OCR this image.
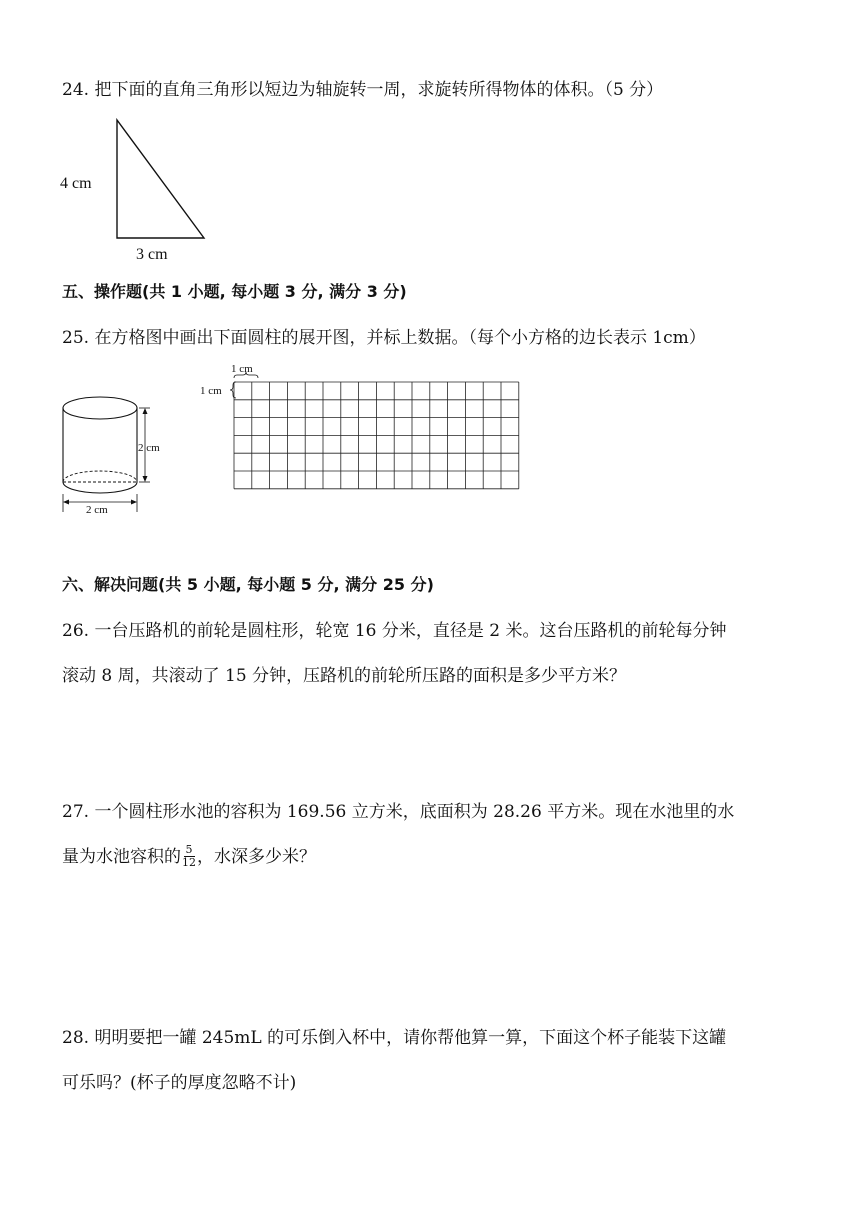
24. 把下面的直角三角形以短边为轴旋转一周，求旋转所得物体的体积。（5 分）
4 cm
3 cm
五、操作题(共 1 小题, 每小题 3 分, 满分 3 分)
25. 在方格图中画出下面圆柱的展开图，并标上数据。（每个小方格的边长表示 1cm）
2 cm
2 cm
1 cm
1 cm
六、解决问题(共 5 小题, 每小题 5 分, 满分 25 分)
26. 一台压路机的前轮是圆柱形，轮宽 16 分米，直径是 2 米。这台压路机的前轮每分钟
滚动 8 周，共滚动了 15 分钟，压路机的前轮所压路的面积是多少平方米？
27. 一个圆柱形水池的容积为 169.56 立方米，底面积为 28.26 平方米。现在水池里的水
量为水池容积的 $\frac{5}{12}$ ，水深多少米？
28. 明明要把一罐 245mL 的可乐倒入杯中，请你帮他算一算，下面这个杯子能装下这罐
可乐吗？(杯子的厚度忽略不计)
